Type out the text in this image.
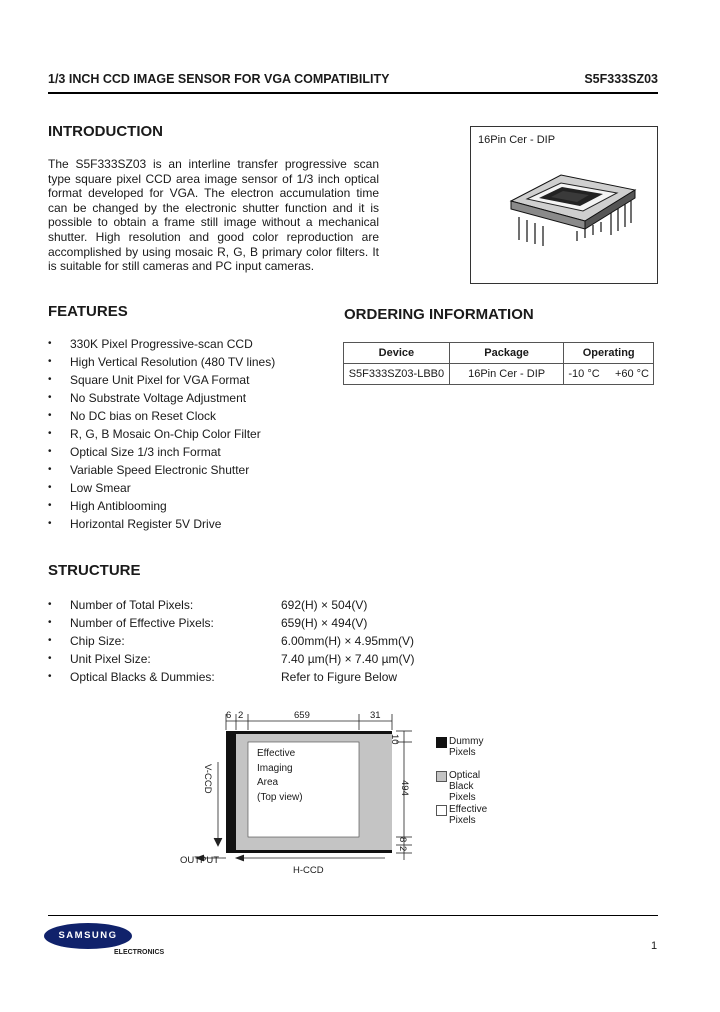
1/3 INCH CCD IMAGE SENSOR FOR VGA COMPATIBILITY	S5F333SZ03
INTRODUCTION
The S5F333SZ03 is an interline transfer progressive scan type square pixel CCD area image sensor of 1/3 inch optical format developed for VGA. The electron accumulation time can be changed by the electronic shutter function and it is possible to obtain a frame still image without a mechanical shutter. High resolution and good color reproduction are accomplished by using mosaic R, G, B primary color filters. It is suitable for still cameras and PC input cameras.
16Pin Cer - DIP
FEATURES
• 330K Pixel Progressive-scan CCD
• High Vertical Resolution (480 TV lines)
• Square Unit Pixel for VGA Format
• No Substrate Voltage Adjustment
• No DC bias on Reset Clock
• R, G, B Mosaic On-Chip Color Filter
• Optical Size 1/3 inch Format
• Variable Speed Electronic Shutter
• Low Smear
• High Antiblooming
• Horizontal Register 5V Drive
ORDERING INFORMATION
Device	Package	Operating
S5F333SZ03-LBB0	16Pin Cer - DIP	-10 °C     +60 °C
STRUCTURE
• Number of Total Pixels:	692(H) × 504(V)
• Number of Effective Pixels:	659(H) × 494(V)
• Chip Size:	6.00mm(H) × 4.95mm(V)
• Unit Pixel Size:	7.40 µm(H) × 7.40 µm(V)
• Optical Blacks & Dummies:	Refer to Figure Below
6 2	659	31
10
494
8
2
Effective
Imaging
Area
(Top view)
V-CCD
OUTPUT
H-CCD
Dummy Pixels
Optical Black Pixels
Effective Pixels
SAMSUNG
ELECTRONICS
1
